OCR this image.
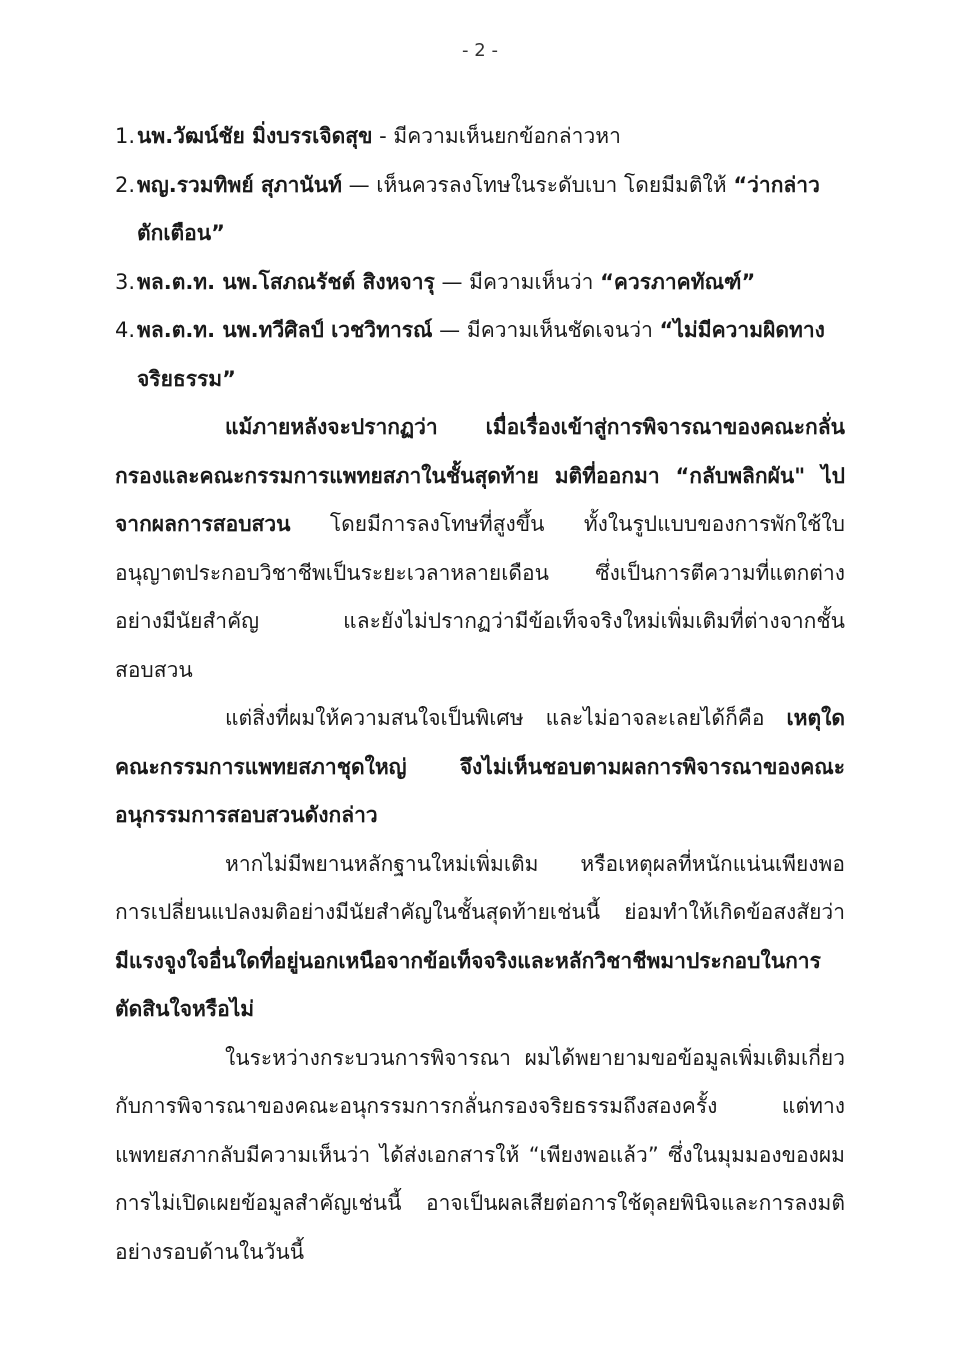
- 2 -
1.นพ.วัฒน์ชัย มิ่งบรรเจิดสุข - มีความเห็นยกข้อกล่าวหา
2.พญ.รวมทิพย์ สุภานันท์ — เห็นควรลงโทษในระดับเบา โดยมีมติให้ “ว่ากล่าว
ตักเตือน”
3.พล.ต.ท. นพ.โสภณรัชต์ สิงหจารุ — มีความเห็นว่า “ควรภาคทัณฑ์”
4.พล.ต.ท. นพ.ทวีศิลป์ เวชวิทารณ์ — มีความเห็นชัดเจนว่า “ไม่มีความผิดทาง
จริยธรรม”

แม้ภายหลังจะปรากฏว่า เมื่อเรื่องเข้าสู่การพิจารณาของคณะกลั่นกรองและคณะกรรมการแพทยสภาในชั้นสุดท้าย มติที่ออกมา “กลับพลิกผัน" ไปจากผลการสอบสวน โดยมีการลงโทษที่สูงขึ้น ทั้งในรูปแบบของการพักใช้ใบอนุญาตประกอบวิชาชีพเป็นระยะเวลาหลายเดือน ซึ่งเป็นการตีความที่แตกต่างอย่างมีนัยสำคัญ และยังไม่ปรากฏว่ามีข้อเท็จจริงใหม่เพิ่มเติมที่ต่างจากชั้นสอบสวน

แต่สิ่งที่ผมให้ความสนใจเป็นพิเศษ และไม่อาจละเลยได้ก็คือ เหตุใดคณะกรรมการแพทยสภาชุดใหญ่ จึงไม่เห็นชอบตามผลการพิจารณาของคณะอนุกรรมการสอบสวนดังกล่าว

หากไม่มีพยานหลักฐานใหม่เพิ่มเติม หรือเหตุผลที่หนักแน่นเพียงพอ การเปลี่ยนแปลงมติอย่างมีนัยสำคัญในชั้นสุดท้ายเช่นนี้ ย่อมทำให้เกิดข้อสงสัยว่า มีแรงจูงใจอื่นใดที่อยู่นอกเหนือจากข้อเท็จจริงและหลักวิชาชีพมาประกอบในการตัดสินใจหรือไม่

ในระหว่างกระบวนการพิจารณา ผมได้พยายามขอข้อมูลเพิ่มเติมเกี่ยวกับการพิจารณาของคณะอนุกรรมการกลั่นกรองจริยธรรมถึงสองครั้ง แต่ทางแพทยสภากลับมีความเห็นว่า ได้ส่งเอกสารให้ “เพียงพอแล้ว” ซึ่งในมุมมองของผม การไม่เปิดเผยข้อมูลสำคัญเช่นนี้ อาจเป็นผลเสียต่อการใช้ดุลยพินิจและการลงมติอย่างรอบด้านในวันนี้
